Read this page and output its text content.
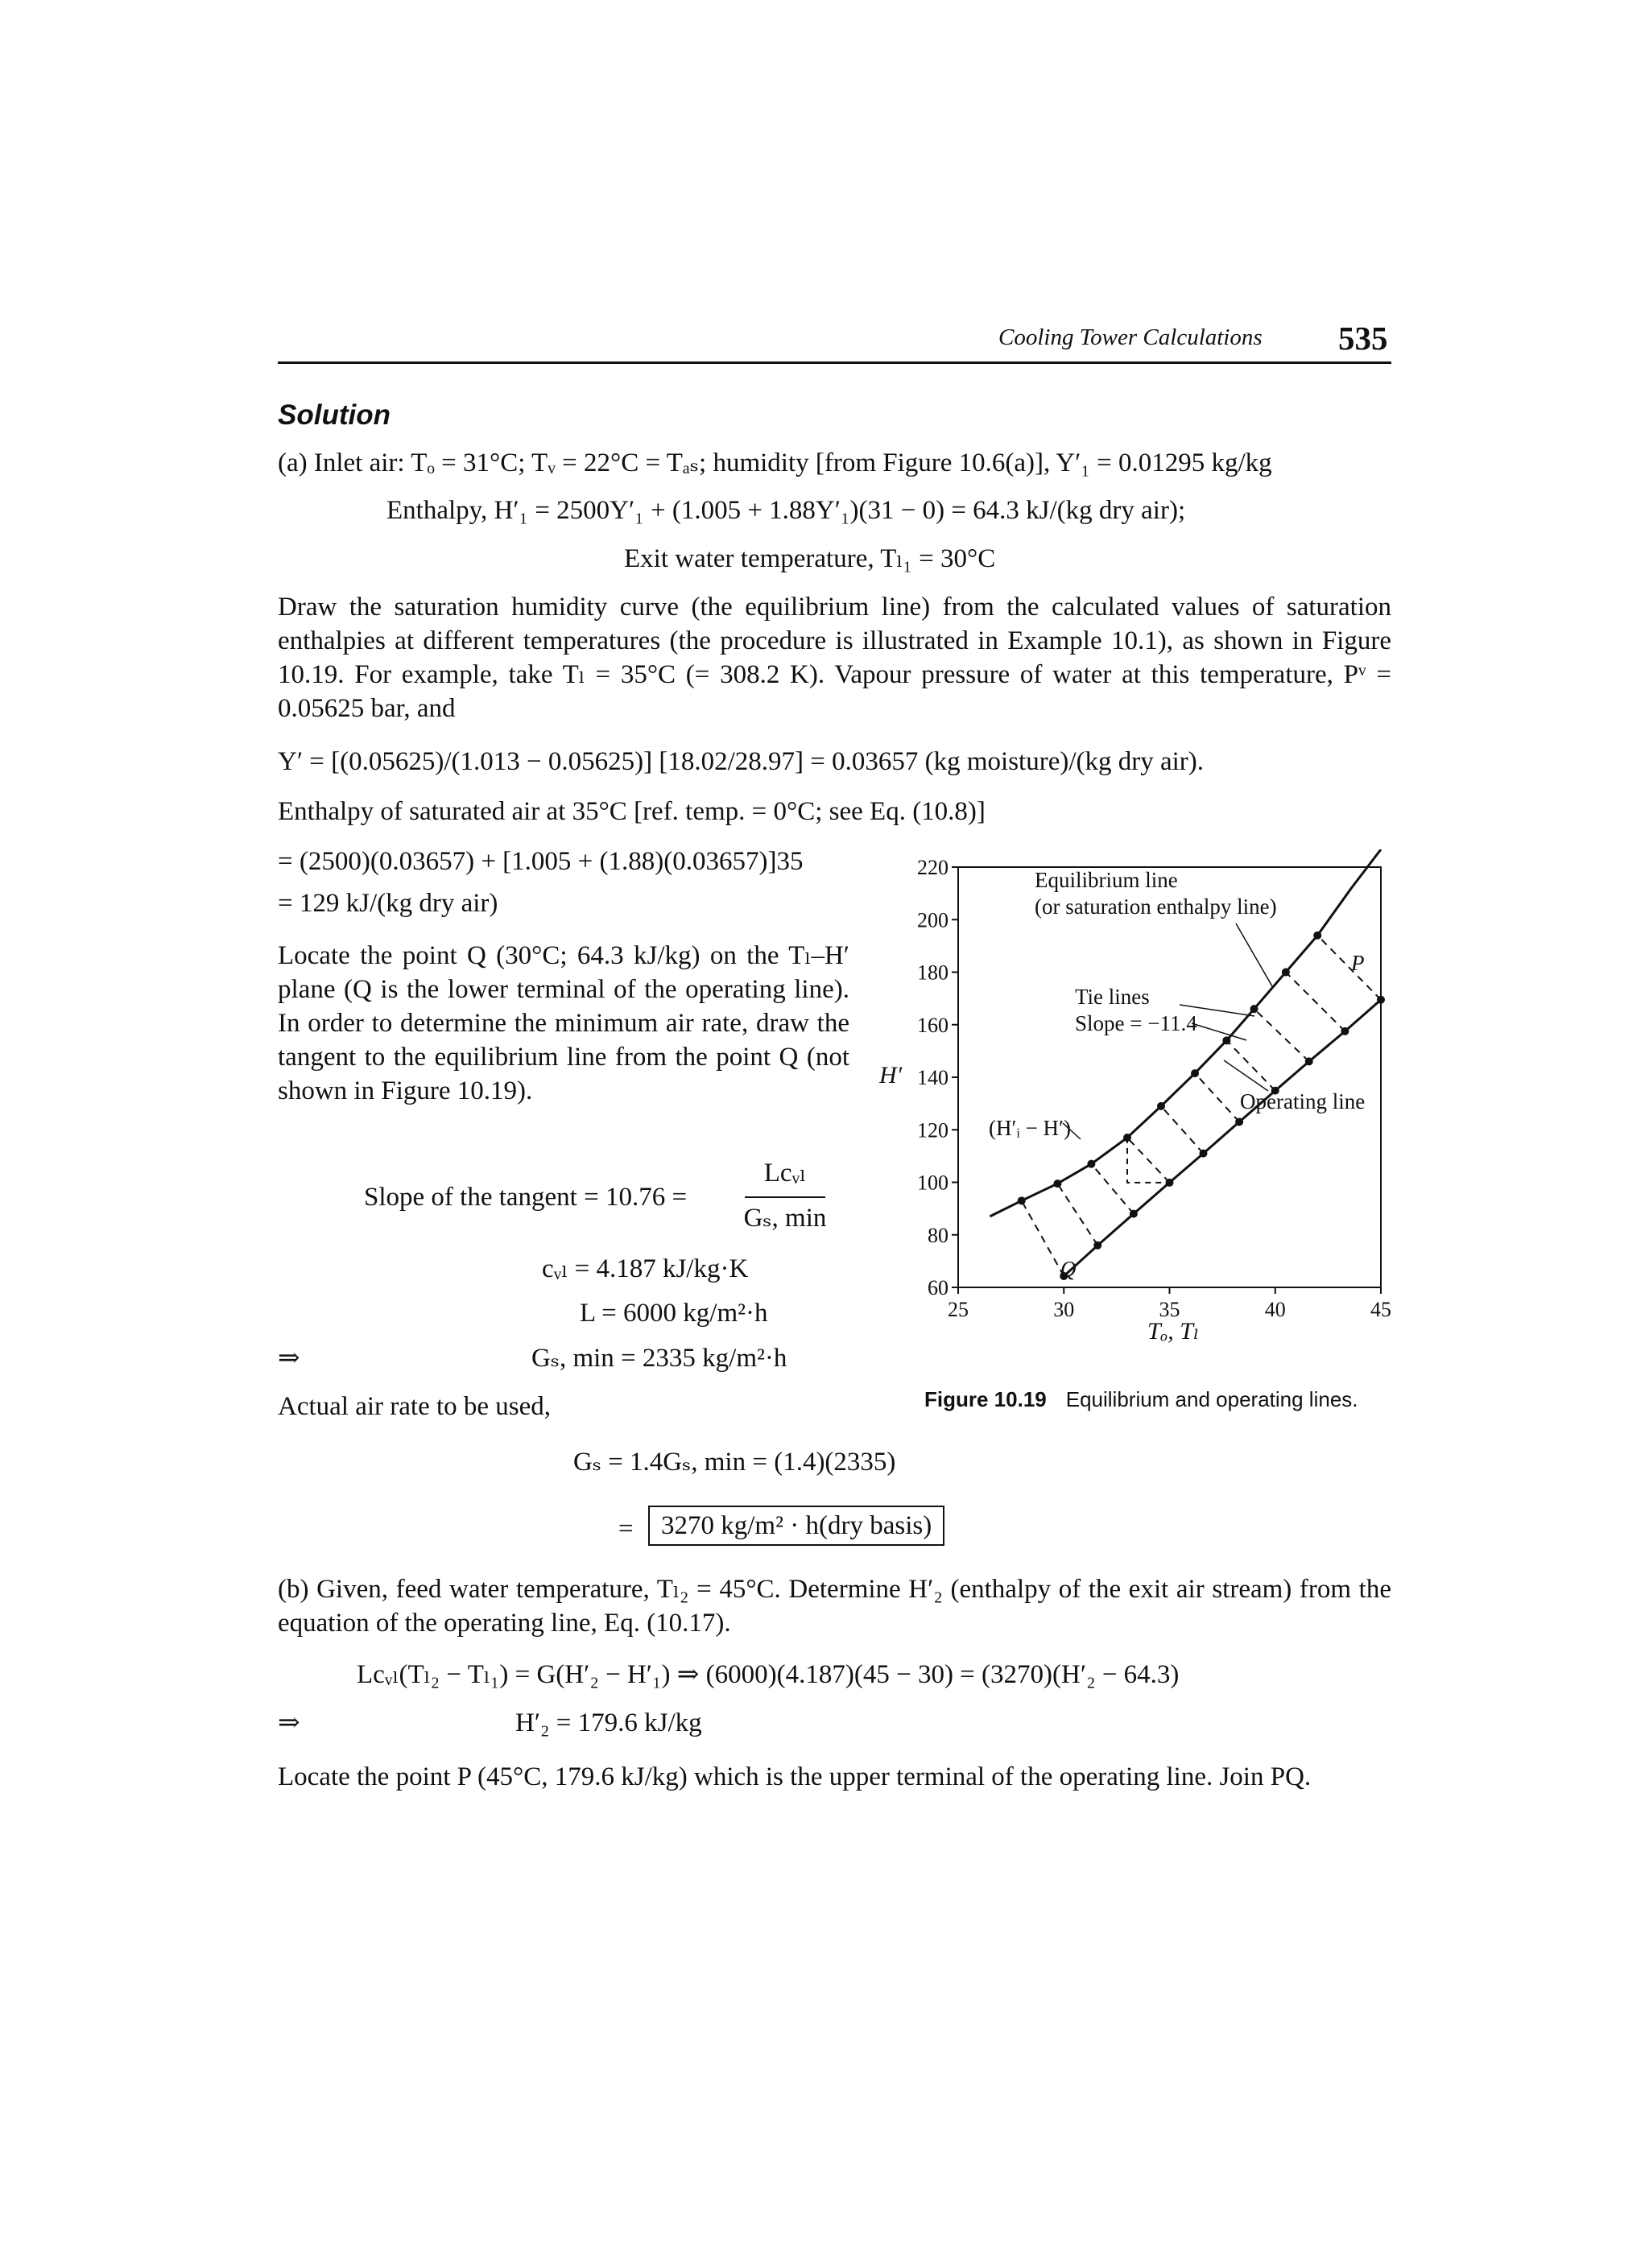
Cooling Tower Calculations 535
Solution
(a) Inlet air: Tₒ = 31°C; Tᵥ = 22°C = Tₐₛ; humidity [from Figure 10.6(a)], Y′₁ = 0.01295 kg/kg
Enthalpy, H′₁ = 2500Y′₁ + (1.005 + 1.88Y′₁)(31 − 0) = 64.3 kJ/(kg dry air);
Exit water temperature, Tₗ₁ = 30°C
Draw the saturation humidity curve (the equilibrium line) from the calculated values of saturation enthalpies at different temperatures (the procedure is illustrated in Example 10.1), as shown in Figure 10.19. For example, take Tₗ = 35°C (= 308.2 K). Vapour pressure of water at this temperature, Pᵛ = 0.05625 bar, and
Y′ = [(0.05625)/(1.013 − 0.05625)] [18.02/28.97] = 0.03657 (kg moisture)/(kg dry air).
Enthalpy of saturated air at 35°C [ref. temp. = 0°C; see Eq. (10.8)]
= (2500)(0.03657) + [1.005 + (1.88)(0.03657)]35
= 129 kJ/(kg dry air)
Locate the point Q (30°C; 64.3 kJ/kg) on the Tₗ–H′ plane (Q is the lower terminal of the operating line). In order to determine the minimum air rate, draw the tangent to the equilibrium line from the point Q (not shown in Figure 10.19).
Slope of the tangent = 10.76 =
Lcᵥₗ
Gₛ, min
cᵥₗ = 4.187 kJ/kg·K
L = 6000 kg/m²·h
⇒	Gₛ, min = 2335 kg/m²·h
Actual air rate to be used,
Gₛ = 1.4Gₛ, min = (1.4)(2335)
=	3270 kg/m² · h(dry basis)
(b) Given, feed water temperature, Tₗ₂ = 45°C. Determine H′₂ (enthalpy of the exit air stream) from the equation of the operating line, Eq. (10.17).
Lcᵥₗ(Tₗ₂ − Tₗ₁) = G(H′₂ − H′₁) ⇒ (6000)(4.187)(45 − 30) = (3270)(H′₂ − 64.3)
⇒	H′₂ = 179.6 kJ/kg
Locate the point P (45°C, 179.6 kJ/kg) which is the upper terminal of the operating line. Join PQ.
60
80
100
120
140
160
180
200
220
25	30	35	40	45
Equilibrium line
(or saturation enthalpy line)
Tie lines
Slope = −11.4
Operating line
(H′ᵢ − H′)
P
Q
H′
Tₒ, Tₗ
Figure 10.19 Equilibrium and operating lines.
